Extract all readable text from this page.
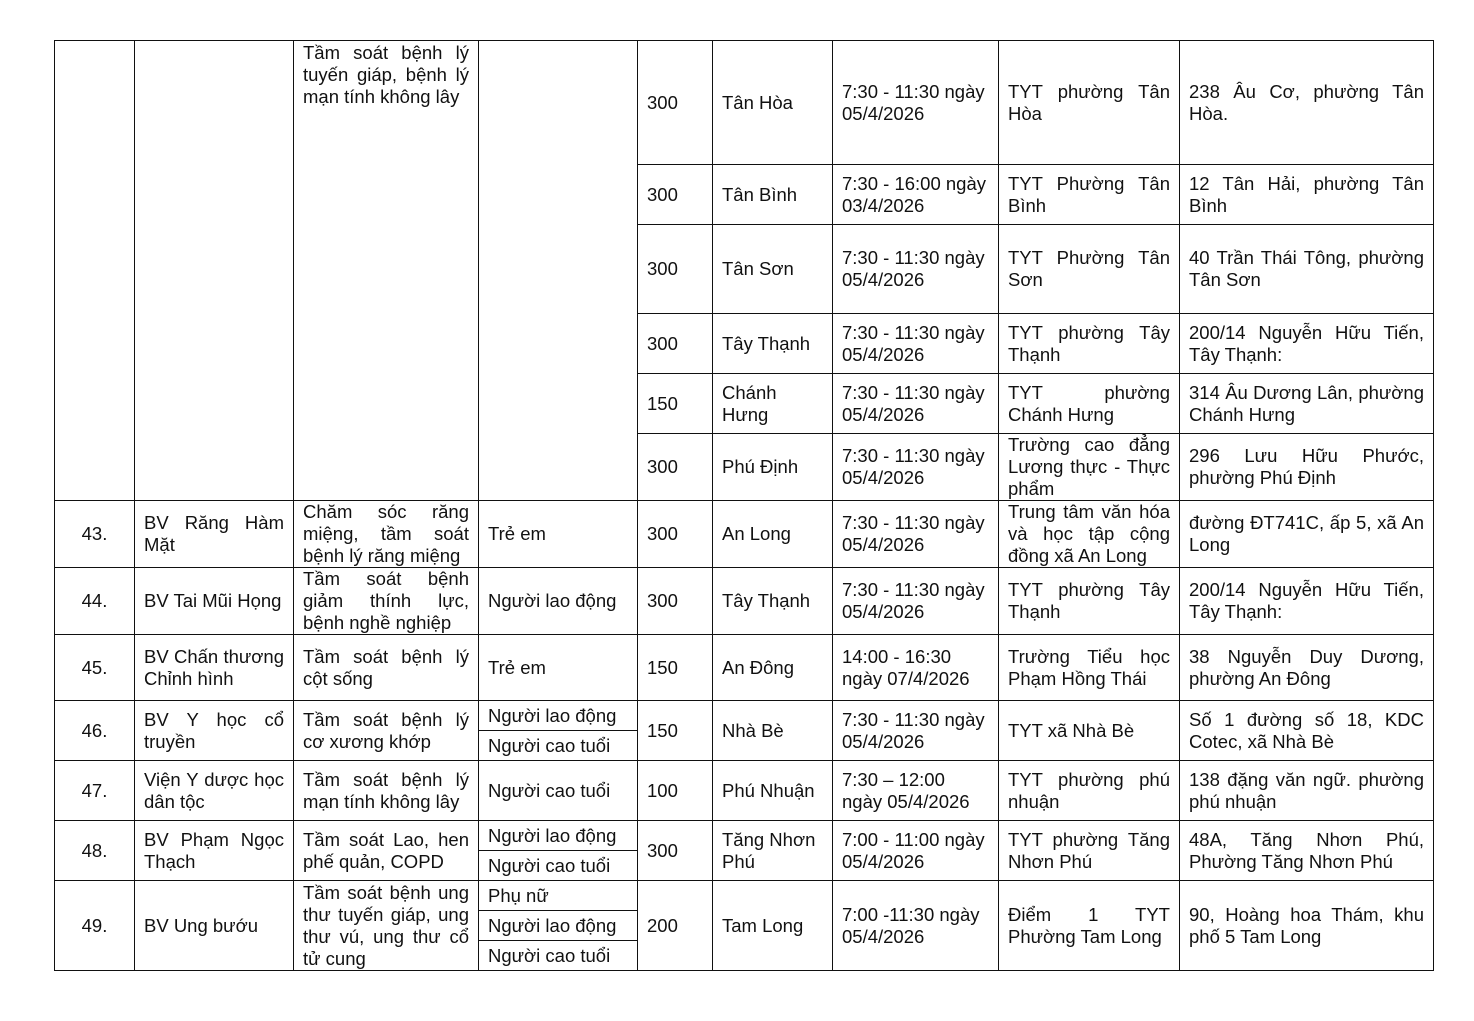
		Tầm soát bệnh lý tuyến giáp, bệnh lý mạn tính không lây		300	Tân Hòa	7:30 - 11:30 ngày 05/4/2026	TYT phường Tân Hòa	238 Âu Cơ, phường Tân Hòa.
				300	Tân Bình	7:30 - 16:00 ngày 03/4/2026	TYT Phường Tân Bình	12 Tân Hải, phường Tân Bình
				300	Tân Sơn	7:30 - 11:30 ngày 05/4/2026	TYT Phường Tân Sơn	40 Trần Thái Tông, phường Tân Sơn
				300	Tây Thạnh	7:30 - 11:30 ngày 05/4/2026	TYT phường Tây Thạnh	200/14 Nguyễn Hữu Tiến, Tây Thạnh:
				150	Chánh Hưng	7:30 - 11:30 ngày 05/4/2026	TYT phường Chánh Hưng	314 Âu Dương Lân, phường Chánh Hưng
				300	Phú Định	7:30 - 11:30 ngày 05/4/2026	Trường cao đẳng Lương thực - Thực phẩm	296 Lưu Hữu Phước, phường Phú Định
43.	BV Răng Hàm Mặt	Chăm sóc răng miệng, tầm soát bệnh lý răng miệng	Trẻ em	300	An Long	7:30 - 11:30 ngày 05/4/2026	Trung tâm văn hóa và học tập cộng đồng xã An Long	đường ĐT741C, ấp 5, xã An Long
44.	BV Tai Mũi Họng	Tầm soát bệnh giảm thính lực, bệnh nghề nghiệp	Người lao động	300	Tây Thạnh	7:30 - 11:30 ngày 05/4/2026	TYT phường Tây Thạnh	200/14 Nguyễn Hữu Tiến, Tây Thạnh:
45.	BV Chấn thương Chỉnh hình	Tầm soát bệnh lý cột sống	Trẻ em	150	An Đông	14:00 - 16:30 ngày 07/4/2026	Trường Tiểu học Phạm Hồng Thái	38 Nguyễn Duy Dương, phường An Đông
46.	BV Y học cổ truyền	Tầm soát bệnh lý cơ xương khớp	Người lao động	150	Nhà Bè	7:30 - 11:30 ngày 05/4/2026	TYT xã Nhà Bè	Số 1 đường số 18, KDC Cotec, xã Nhà Bè
			Người cao tuổi					
47.	Viện Y dược học dân tộc	Tầm soát bệnh lý mạn tính không lây	Người cao tuổi	100	Phú Nhuận	7:30 – 12:00 ngày 05/4/2026	TYT phường phú nhuận	138 đặng văn ngữ. phường phú nhuận
48.	BV Phạm Ngọc Thạch	Tầm soát Lao, hen phế quản, COPD	Người lao động	300	Tăng Nhơn Phú	7:00 - 11:00 ngày 05/4/2026	TYT phường Tăng Nhơn Phú	48A, Tăng Nhơn Phú, Phường Tăng Nhơn Phú
			Người cao tuổi					
49.	BV Ung bướu	Tầm soát bệnh ung thư tuyến giáp, ung thư vú, ung thư cổ tử cung	Phụ nữ	200	Tam Long	7:00 -11:30 ngày 05/4/2026	Điểm 1 TYT Phường Tam Long	90, Hoàng hoa Thám, khu phố 5 Tam Long
			Người lao động					
			Người cao tuổi					
